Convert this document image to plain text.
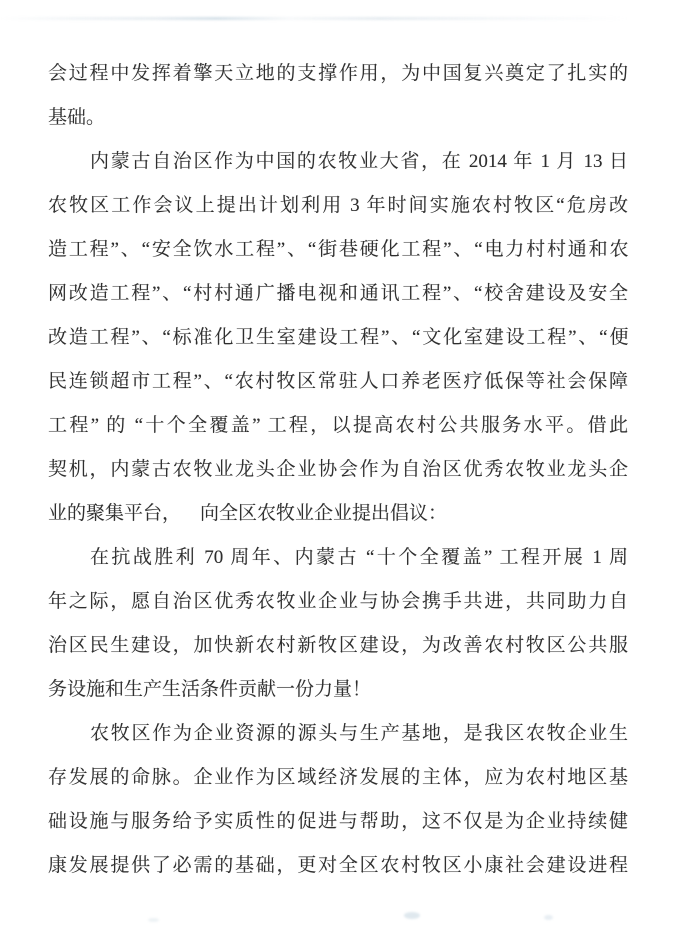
会过程中发挥着擎天立地的支撑作用，为中国复兴奠定了扎实的
基础。
内蒙古自治区作为中国的农牧业大省，在 2014 年 1 月 13 日
农牧区工作会议上提出计划利用 3 年时间实施农村牧区“危房改
造工程”、“安全饮水工程”、“街巷硬化工程”、“电力村村通和农
网改造工程”、“村村通广播电视和通讯工程”、“校舍建设及安全
改造工程”、“标准化卫生室建设工程”、“文化室建设工程”、“便
民连锁超市工程”、“农村牧区常驻人口养老医疗低保等社会保障
工程” 的 “十个全覆盖” 工程，以提高农村公共服务水平。借此
契机，内蒙古农牧业龙头企业协会作为自治区优秀农牧业龙头企
业的聚集平台， 向全区农牧业企业提出倡议：
在抗战胜利 70 周年、内蒙古 “十个全覆盖” 工程开展 1 周
年之际，愿自治区优秀农牧业企业与协会携手共进，共同助力自
治区民生建设，加快新农村新牧区建设，为改善农村牧区公共服
务设施和生产生活条件贡献一份力量！
农牧区作为企业资源的源头与生产基地，是我区农牧企业生
存发展的命脉。企业作为区域经济发展的主体，应为农村地区基
础设施与服务给予实质性的促进与帮助，这不仅是为企业持续健
康发展提供了必需的基础，更对全区农村牧区小康社会建设进程
